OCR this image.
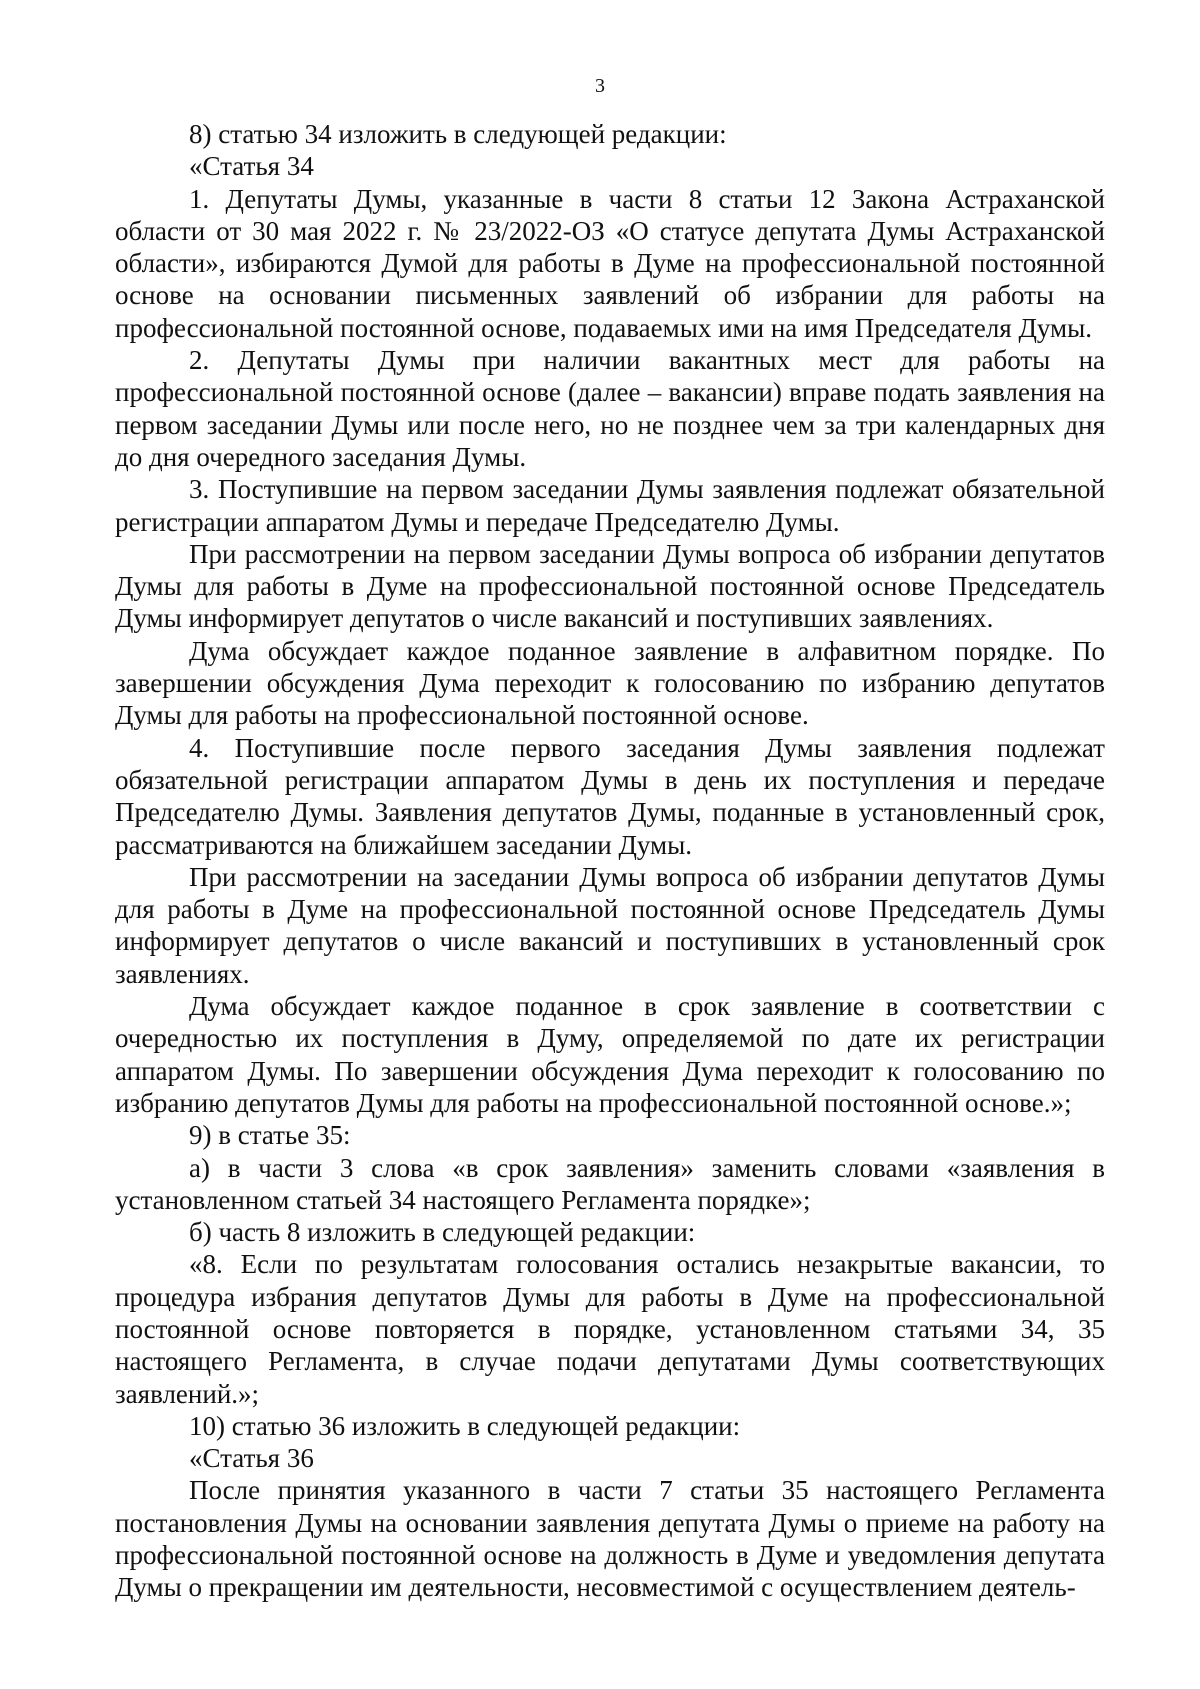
3

8) статью 34 изложить в следующей редакции:

«Статья 34

1. Депутаты Думы, указанные в части 8 статьи 12 Закона Астраханской области от 30 мая 2022 г. № 23/2022-ОЗ «О статусе депутата Думы Астраханской области», избираются Думой для работы в Думе на профессиональной постоянной основе на основании письменных заявлений об избрании для работы на профессиональной постоянной основе, подаваемых ими на имя Председателя Думы.

2. Депутаты Думы при наличии вакантных мест для работы на профессиональной постоянной основе (далее – вакансии) вправе подать заявления на первом заседании Думы или после него, но не позднее чем за три календарных дня до дня очередного заседания Думы.

3. Поступившие на первом заседании Думы заявления подлежат обязательной регистрации аппаратом Думы и передаче Председателю Думы.

При рассмотрении на первом заседании Думы вопроса об избрании депутатов Думы для работы в Думе на профессиональной постоянной основе Председатель Думы информирует депутатов о числе вакансий и поступивших заявлениях.

Дума обсуждает каждое поданное заявление в алфавитном порядке. По завершении обсуждения Дума переходит к голосованию по избранию депутатов Думы для работы на профессиональной постоянной основе.

4. Поступившие после первого заседания Думы заявления подлежат обязательной регистрации аппаратом Думы в день их поступления и передаче Председателю Думы. Заявления депутатов Думы, поданные в установленный срок, рассматриваются на ближайшем заседании Думы.

При рассмотрении на заседании Думы вопроса об избрании депутатов Думы для работы в Думе на профессиональной постоянной основе Председатель Думы информирует депутатов о числе вакансий и поступивших в установленный срок заявлениях.

Дума обсуждает каждое поданное в срок заявление в соответствии с очередностью их поступления в Думу, определяемой по дате их регистрации аппаратом Думы. По завершении обсуждения Дума переходит к голосованию по избранию депутатов Думы для работы на профессиональной постоянной основе.»;

9) в статье 35:

а) в части 3 слова «в срок заявления» заменить словами «заявления в установленном статьей 34 настоящего Регламента порядке»;

б) часть 8 изложить в следующей редакции:

«8. Если по результатам голосования остались незакрытые вакансии, то процедура избрания депутатов Думы для работы в Думе на профессиональной постоянной основе повторяется в порядке, установленном статьями 34, 35 настоящего Регламента, в случае подачи депутатами Думы соответствующих заявлений.»;

10) статью 36 изложить в следующей редакции:

«Статья 36

После принятия указанного в части 7 статьи 35 настоящего Регламента постановления Думы на основании заявления депутата Думы о приеме на работу на профессиональной постоянной основе на должность в Думе и уведомления депутата Думы о прекращении им деятельности, несовместимой с осуществлением деятель-
